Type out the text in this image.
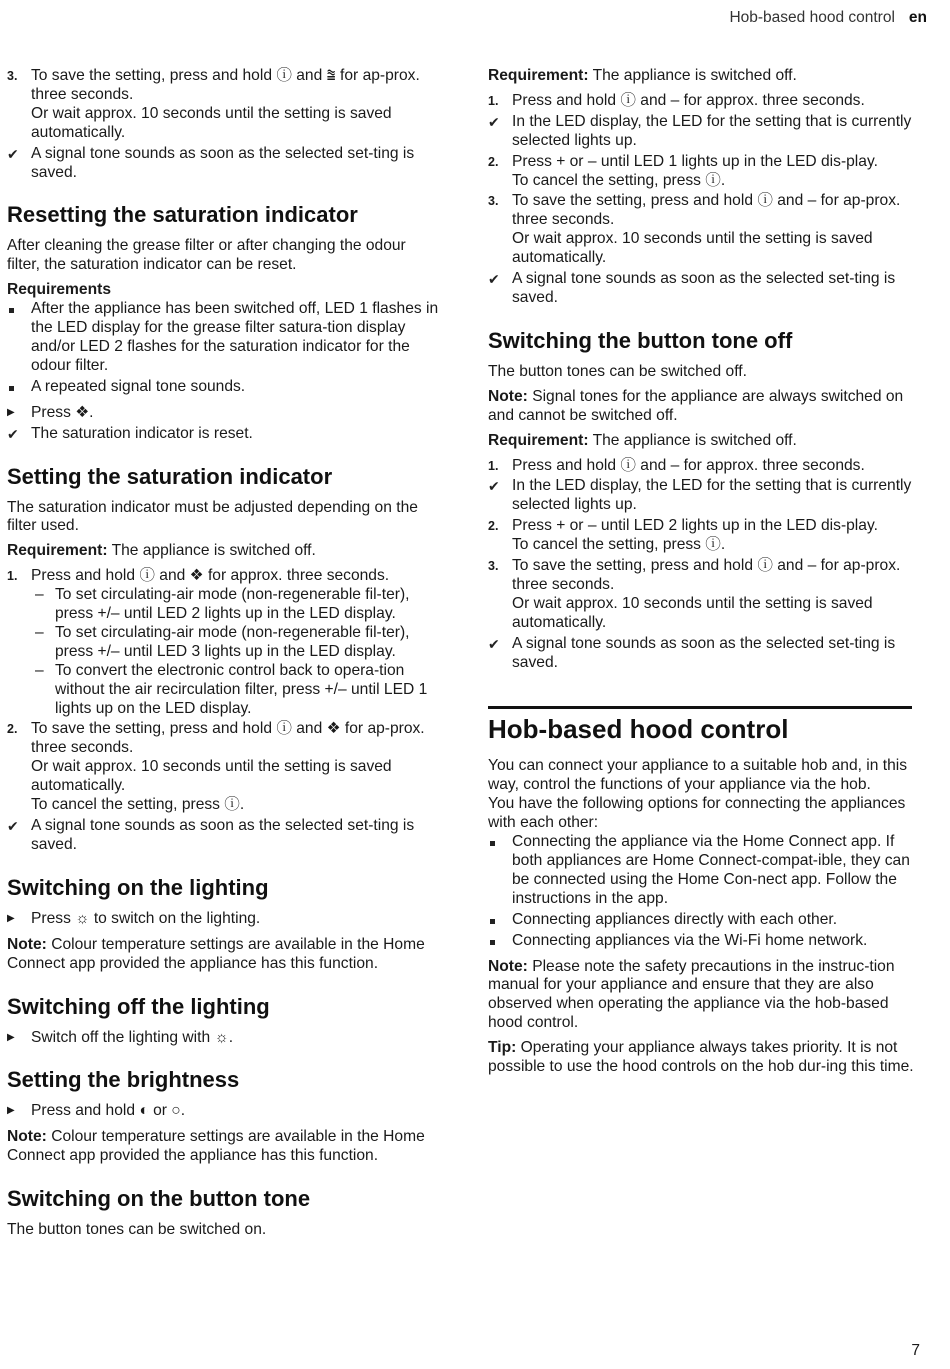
Hob-based hood control en
3. To save the setting, press and hold ⓘ and ⩰ for ap-prox. three seconds.
Or wait approx. 10 seconds until the setting is saved automatically.
✔ A signal tone sounds as soon as the selected set-ting is saved.
Resetting the saturation indicator

After cleaning the grease filter or after changing the odour filter, the saturation indicator can be reset.

Requirements
After the appliance has been switched off, LED 1 flashes in the LED display for the grease filter satura-tion display and/or LED 2 flashes for the saturation indicator for the odour filter.
A repeated signal tone sounds.
▶	Press ❖.
✔ The saturation indicator is reset.
Setting the saturation indicator

The saturation indicator must be adjusted depending on the filter used.

Requirement: The appliance is switched off.

1. Press and hold ⓘ and ❖ for approx. three seconds.
– To set circulating-air mode (non-regenerable fil-ter), press +/– until LED 2 lights up in the LED display.
– To set circulating-air mode (non-regenerable fil-ter), press +/– until LED 3 lights up in the LED display.
– To convert the electronic control back to opera-tion without the air recirculation filter, press +/– until LED 1 lights up on the LED display.
2. To save the setting, press and hold ⓘ and ❖ for ap-prox. three seconds.
Or wait approx. 10 seconds until the setting is saved automatically.
To cancel the setting, press ⓘ.
✔ A signal tone sounds as soon as the selected set-ting is saved.
Switching on the lighting
▶	Press ☼ to switch on the lighting.

Note: Colour temperature settings are available in the Home Connect app provided the appliance has this function.

Switching off the lighting
▶	Switch off the lighting with ☼.
Setting the brightness
▶	Press and hold ◐ or ○.

Note: Colour temperature settings are available in the Home Connect app provided the appliance has this function.

Switching on the button tone

The button tones can be switched on.

Requirement: The appliance is switched off.

1. Press and hold ⓘ and – for approx. three seconds.
✔ In the LED display, the LED for the setting that is currently selected lights up.
2. Press + or – until LED 1 lights up in the LED dis-play.
To cancel the setting, press ⓘ.
3. To save the setting, press and hold ⓘ and – for ap-prox. three seconds.
Or wait approx. 10 seconds until the setting is saved automatically.
✔ A signal tone sounds as soon as the selected set-ting is saved.
Switching the button tone off

The button tones can be switched off.

Note: Signal tones for the appliance are always switched on and cannot be switched off.

Requirement: The appliance is switched off.

1. Press and hold ⓘ and – for approx. three seconds.
✔ In the LED display, the LED for the setting that is currently selected lights up.
2. Press + or – until LED 2 lights up in the LED dis-play.
To cancel the setting, press ⓘ.
3. To save the setting, press and hold ⓘ and – for ap-prox. three seconds.
Or wait approx. 10 seconds until the setting is saved automatically.
✔ A signal tone sounds as soon as the selected set-ting is saved.
Hob-based hood control

You can connect your appliance to a suitable hob and, in this way, control the functions of your appliance via the hob.

You have the following options for connecting the appliances with each other:

Connecting the appliance via the Home Connect app. If both appliances are Home Connect-compat-ible, they can be connected using the Home Con-nect app. Follow the instructions in the app.
Connecting appliances directly with each other.
Connecting appliances via the Wi-Fi home network.

Note: Please note the safety precautions in the instruc-tion manual for your appliance and ensure that they are also observed when operating the appliance via the hob-based hood control.

Tip: Operating your appliance always takes priority. It is not possible to use the hood controls on the hob dur-ing this time.

7
